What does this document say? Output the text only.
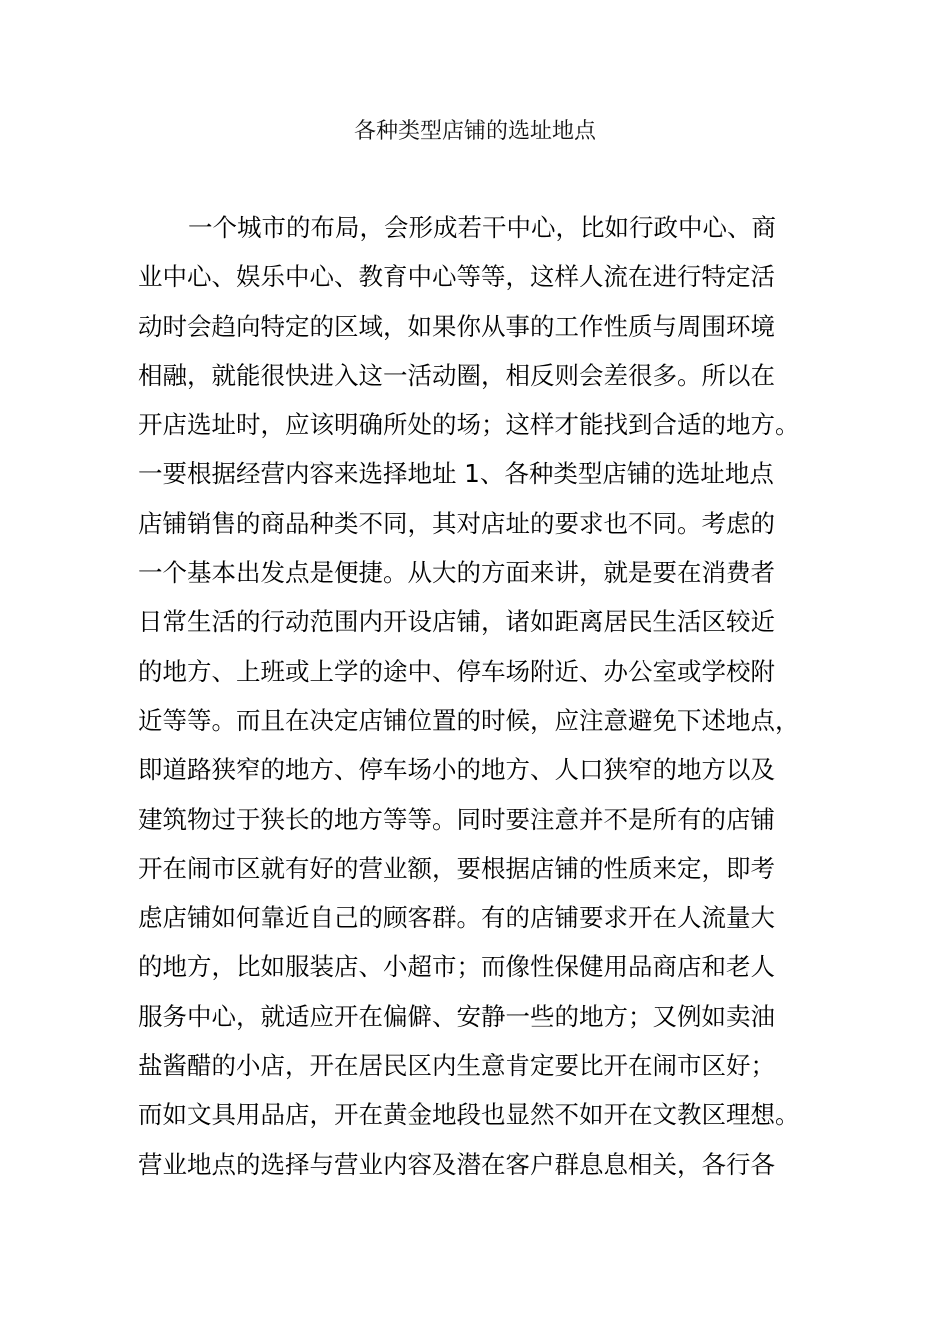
各种类型店铺的选址地点
一个城市的布局，会形成若干中心，比如行政中心、商
业中心、娱乐中心、教育中心等等，这样人流在进行特定活
动时会趋向特定的区域，如果你从事的工作性质与周围环境
相融，就能很快进入这一活动圈，相反则会差很多。所以在
开店选址时，应该明确所处的场；这样才能找到合适的地方。
一要根据经营内容来选择地址 1、各种类型店铺的选址地点
店铺销售的商品种类不同，其对店址的要求也不同。考虑的
一个基本出发点是便捷。从大的方面来讲，就是要在消费者
日常生活的行动范围内开设店铺，诸如距离居民生活区较近
的地方、上班或上学的途中、停车场附近、办公室或学校附
近等等。而且在决定店铺位置的时候，应注意避免下述地点，
即道路狭窄的地方、停车场小的地方、人口狭窄的地方以及
建筑物过于狭长的地方等等。同时要注意并不是所有的店铺
开在闹市区就有好的营业额，要根据店铺的性质来定，即考
虑店铺如何靠近自己的顾客群。有的店铺要求开在人流量大
的地方，比如服装店、小超市；而像性保健用品商店和老人
服务中心，就适应开在偏僻、安静一些的地方；又例如卖油
盐酱醋的小店，开在居民区内生意肯定要比开在闹市区好；
而如文具用品店，开在黄金地段也显然不如开在文教区理想。
营业地点的选择与营业内容及潜在客户群息息相关，各行各
